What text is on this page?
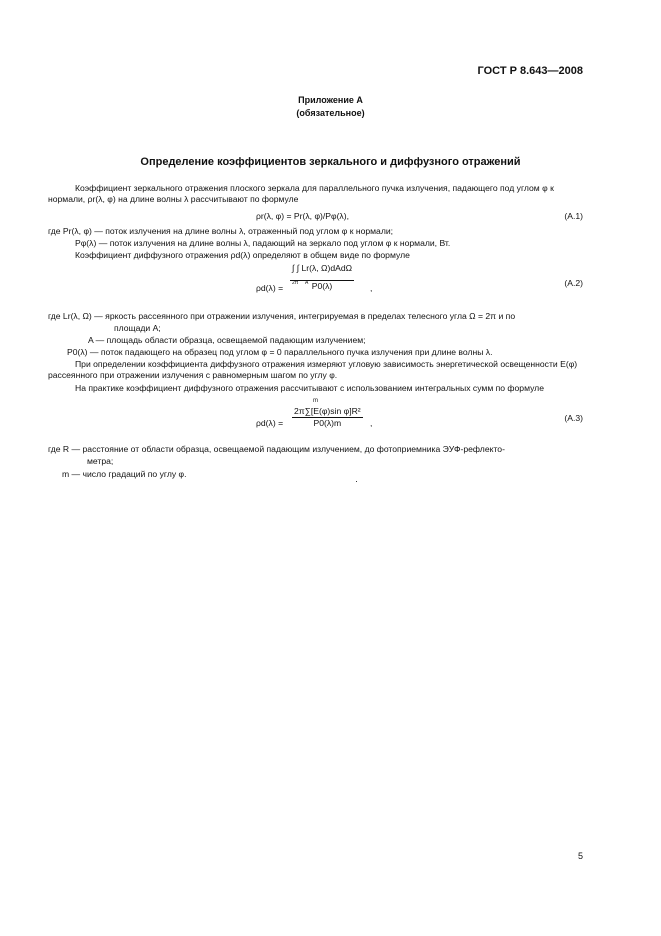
ГОСТ Р 8.643—2008
Приложение А
(обязательное)
Определение коэффициентов зеркального и диффузного отражений

Коэффициент зеркального отражения плоского зеркала для параллельного пучка излучения, падающего под углом φ к нормали, ρr(λ, φ) на длине волны λ рассчитывают по формуле

ρr(λ, φ) = Pr(λ, φ)/Pφ(λ),	(А.1)
где Pr(λ, φ) — поток излучения на длине волны λ, отраженный под углом φ к нормали;
Pφ(λ) — поток излучения на длине волны λ, падающий на зеркало под углом φ к нормали, Вт.

Коэффициент диффузного отражения ρd(λ) определяют в общем виде по формуле

ρd(λ) =
∫ ∫ Lr(λ, Ω)dAdΩ
2π A P0(λ)	,	(А.2)
где Lr(λ, Ω) — яркость рассеянного при отражении излучения, интегрируемая в пределах телесного угла Ω = 2π и по
площади A;
A — площадь области образца, освещаемой падающим излучением;
P0(λ) — поток падающего на образец под углом φ = 0 параллельного пучка излучения при длине волны λ.

При определении коэффициента диффузного отражения измеряют угловую зависимость энергетической освещенности E(φ) рассеянного при отражении излучения с равномерным шагом по углу φ.

На практике коэффициент диффузного отражения рассчитывают с использованием интегральных сумм по формуле

ρd(λ) =
m
$\frac{\text{2π∑[E(φ)sin φ]R²}}{P0(\lambda)m}$ ,	(А.3)
где R — расстояние от области образца, освещаемой падающим излучением, до фотоприемника ЭУФ-рефлекто-
метра;
m — число градаций по углу φ.
5
